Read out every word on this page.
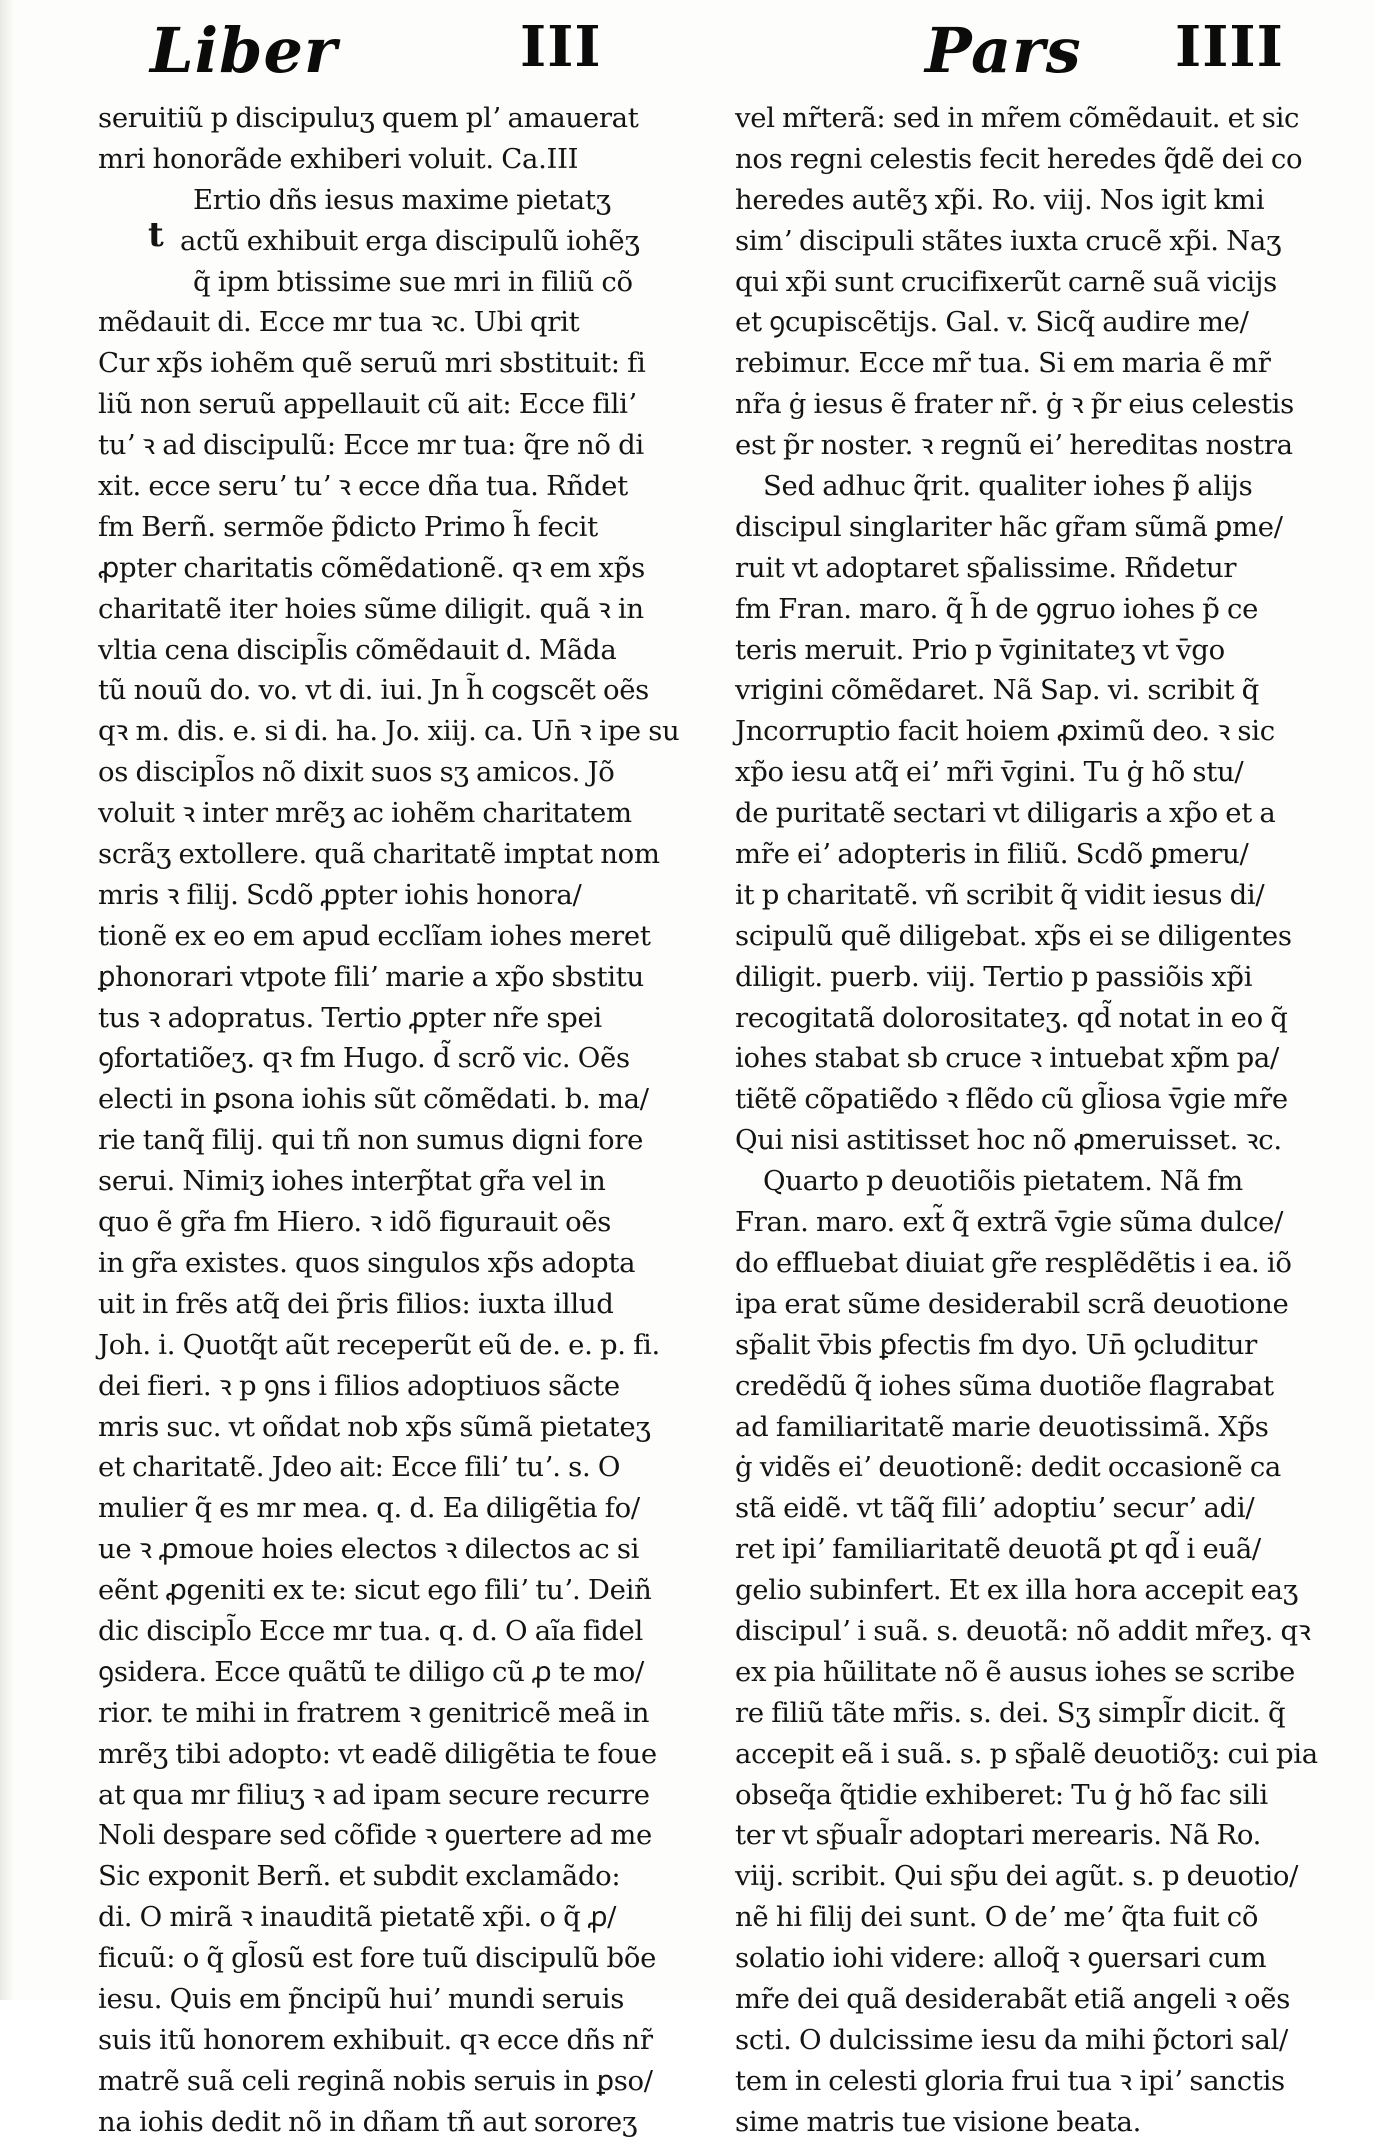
Liber	III	Pars IIII
t
seruitiũ p discipuluʒ quem plʼ amauerat
mri honorãde exhiberi voluit. Ca.III
Ertio dñs iesus maxime pietatʒ
actũ exhibuit erga discipulũ iohẽʒ
q̃ ipm btissime sue mri in filiũ cõ
mẽdauit di. Ecce mr tua ꝛc. Ubi qrit
Cur xp̃s iohẽm quẽ seruũ mri sbstituit: fi
liũ non seruũ appellauit cũ ait: Ecce filiʼ
tuʼ ꝛ ad discipulũ: Ecce mr tua: q̃re nõ di
xit. ecce seruʼ tuʼ ꝛ ecce dña tua. Rñdet
fm Berñ. sermõe p̃dicto Primo h̃ fecit
ꝓpter charitatis cõmẽdationẽ. qꝛ em xp̃s
charitatẽ iter hoies sũme diligit. quã ꝛ in
vltia cena discipl̃is cõmẽdauit d. Mãda
tũ nouũ do. vo. vt di. iui. Jn h̃ cogscẽt oẽs
qꝛ m. dis. e. si di. ha. Jo. xiij. ca. Un̄ ꝛ ipe su
os discipl̃os nõ dixit suos sʒ amicos. Jõ
voluit ꝛ inter mrẽʒ ac iohẽm charitatem
scrãʒ extollere. quã charitatẽ imptat nom
mris ꝛ filij. Scdõ ꝓpter iohis honora/
tionẽ ex eo em apud ecclĩam iohes meret
ꝑhonorari vtpote filiʼ marie a xp̃o sbstitu
tus ꝛ adopratus. Tertio ꝓpter nr̃e spei
ꝯfortatiõeʒ. qꝛ fm Hugo. d̃ scrõ vic. Oẽs
electi in ꝑsona iohis sũt cõmẽdati. b. ma/
rie tanq̃ filij. qui tñ non sumus digni fore
serui. Nimiʒ iohes interp̃tat gr̃a vel in
quo ẽ gr̃a fm Hiero. ꝛ idõ figurauit oẽs
in gr̃a existes. quos singulos xp̃s adopta
uit in frẽs atq̃ dei p̃ris filios: iuxta illud
Joh. i. Quotq̃t aũt receperũt eũ de. e. p. fi.
dei fieri. ꝛ p ꝯns i filios adoptiuos sãcte
mris suc. vt oñdat nob xp̃s sũmã pietateʒ
et charitatẽ. Jdeo ait: Ecce filiʼ tuʼ. s. O
mulier q̃ es mr mea. q. d. Ea diligẽtia fo/
ue ꝛ ꝓmoue hoies electos ꝛ dilectos ac si
eẽnt ꝓgeniti ex te: sicut ego filiʼ tuʼ. Deiñ
dic discipl̃o Ecce mr tua. q. d. O aĩa fidel
ꝯsidera. Ecce quãtũ te diligo cũ ꝓ te mo/
rior. te mihi in fratrem ꝛ genitricẽ meã in
mrẽʒ tibi adopto: vt eadẽ diligẽtia te foue
at qua mr filiuʒ ꝛ ad ipam secure recurre
Noli despare sed cõfide ꝛ ꝯuertere ad me
Sic exponit Berñ. et subdit exclamãdo:
di. O mirã ꝛ inauditã pietatẽ xp̃i. o q̃ ꝓ/
ficuũ: o q̃ gl̃osũ est fore tuũ discipulũ bõe
iesu. Quis em p̃ncipũ huiʼ mundi seruis
suis itũ honorem exhibuit. qꝛ ecce dñs nr̃
matrẽ suã celi reginã nobis seruis in ꝑso/
na iohis dedit nõ in dñam tñ aut sororeʒ
vel mr̃terã: sed in mr̃em cõmẽdauit. et sic
nos regni celestis fecit heredes q̃dẽ dei co
heredes autẽʒ xp̃i. Ro. viij. Nos igit kmi
simʼ discipuli stãtes iuxta crucẽ xp̃i. Naʒ
qui xp̃i sunt crucifixerũt carnẽ suã vicijs
et ꝯcupiscẽtijs. Gal. v. Sicq̃ audire me/
rebimur. Ecce mr̃ tua. Si em maria ẽ mr̃
nr̃a ġ iesus ẽ frater nr̃. ġ ꝛ p̃r eius celestis
est p̃r noster. ꝛ regnũ eiʼ hereditas nostra
Sed adhuc q̃rit. qualiter iohes p̃ alijs
discipul singlariter hãc gr̃am sũmã ꝑme/
ruit vt adoptaret sp̃alissime. Rñdetur
fm Fran. maro. q̃ h̃ de ꝯgruo iohes p̃ ce
teris meruit. Prio p v̄ginitateʒ vt v̄go
vrigini cõmẽdaret. Nã Sap. vi. scribit q̃
Jncorruptio facit hoiem ꝓximũ deo. ꝛ sic
xp̃o iesu atq̃ eiʼ mr̃i v̄gini. Tu ġ hõ stu/
de puritatẽ sectari vt diligaris a xp̃o et a
mr̃e eiʼ adopteris in filiũ. Scdõ ꝑmeru/
it p charitatẽ. vñ scribit q̃ vidit iesus di/
scipulũ quẽ diligebat. xp̃s ei se diligentes
diligit. puerb. viij. Tertio p passiõis xp̃i
recogitatã dolorositateʒ. qd̃ notat in eo q̃
iohes stabat sb cruce ꝛ intuebat xp̃m pa/
tiẽtẽ cõpatiẽdo ꝛ flẽdo cũ gl̃iosa v̄gie mr̃e
Qui nisi astitisset hoc nõ ꝓmeruisset. ꝛc.
Quarto p deuotiõis pietatem. Nã fm
Fran. maro. ext̃ q̃ extrã v̄gie sũma dulce/
do effluebat diuiat gr̃e resplẽdẽtis i ea. iõ
ipa erat sũme desiderabil scrã deuotione
sp̃alit v̄bis ꝑfectis fm dyo. Un̄ ꝯcluditur
credẽdũ q̃ iohes sũma duotiõe flagrabat
ad familiaritatẽ marie deuotissimã. Xp̃s
ġ vidẽs eiʼ deuotionẽ: dedit occasionẽ ca
stã eidẽ. vt tãq̃ filiʼ adoptiuʼ securʼ adi/
ret ipiʼ familiaritatẽ deuotã ꝑt qd̃ i euã/
gelio subinfert. Et ex illa hora accepit eaʒ
discipulʼ i suã. s. deuotã: nõ addit mr̃eʒ. qꝛ
ex pia hũilitate nõ ẽ ausus iohes se scribe
re filiũ tãte mr̃is. s. dei. Sʒ simpl̃r dicit. q̃
accepit eã i suã. s. p sp̃alẽ deuotiõʒ: cui pia
obseq̃a q̃tidie exhiberet: Tu ġ hõ fac sili
ter vt sp̃ual̃r adoptari merearis. Nã Ro.
viij. scribit. Qui sp̃u dei agũt. s. p deuotio/
nẽ hi filij dei sunt. O deʼ meʼ q̃ta fuit cõ
solatio iohi videre: alloq̃ ꝛ ꝯuersari cum
mr̃e dei quã desiderabãt etiã angeli ꝛ oẽs
scti. O dulcissime iesu da mihi p̃ctori sal/
tem in celesti gloria frui tua ꝛ ipiʼ sanctis
sime matris tue visione beata.
